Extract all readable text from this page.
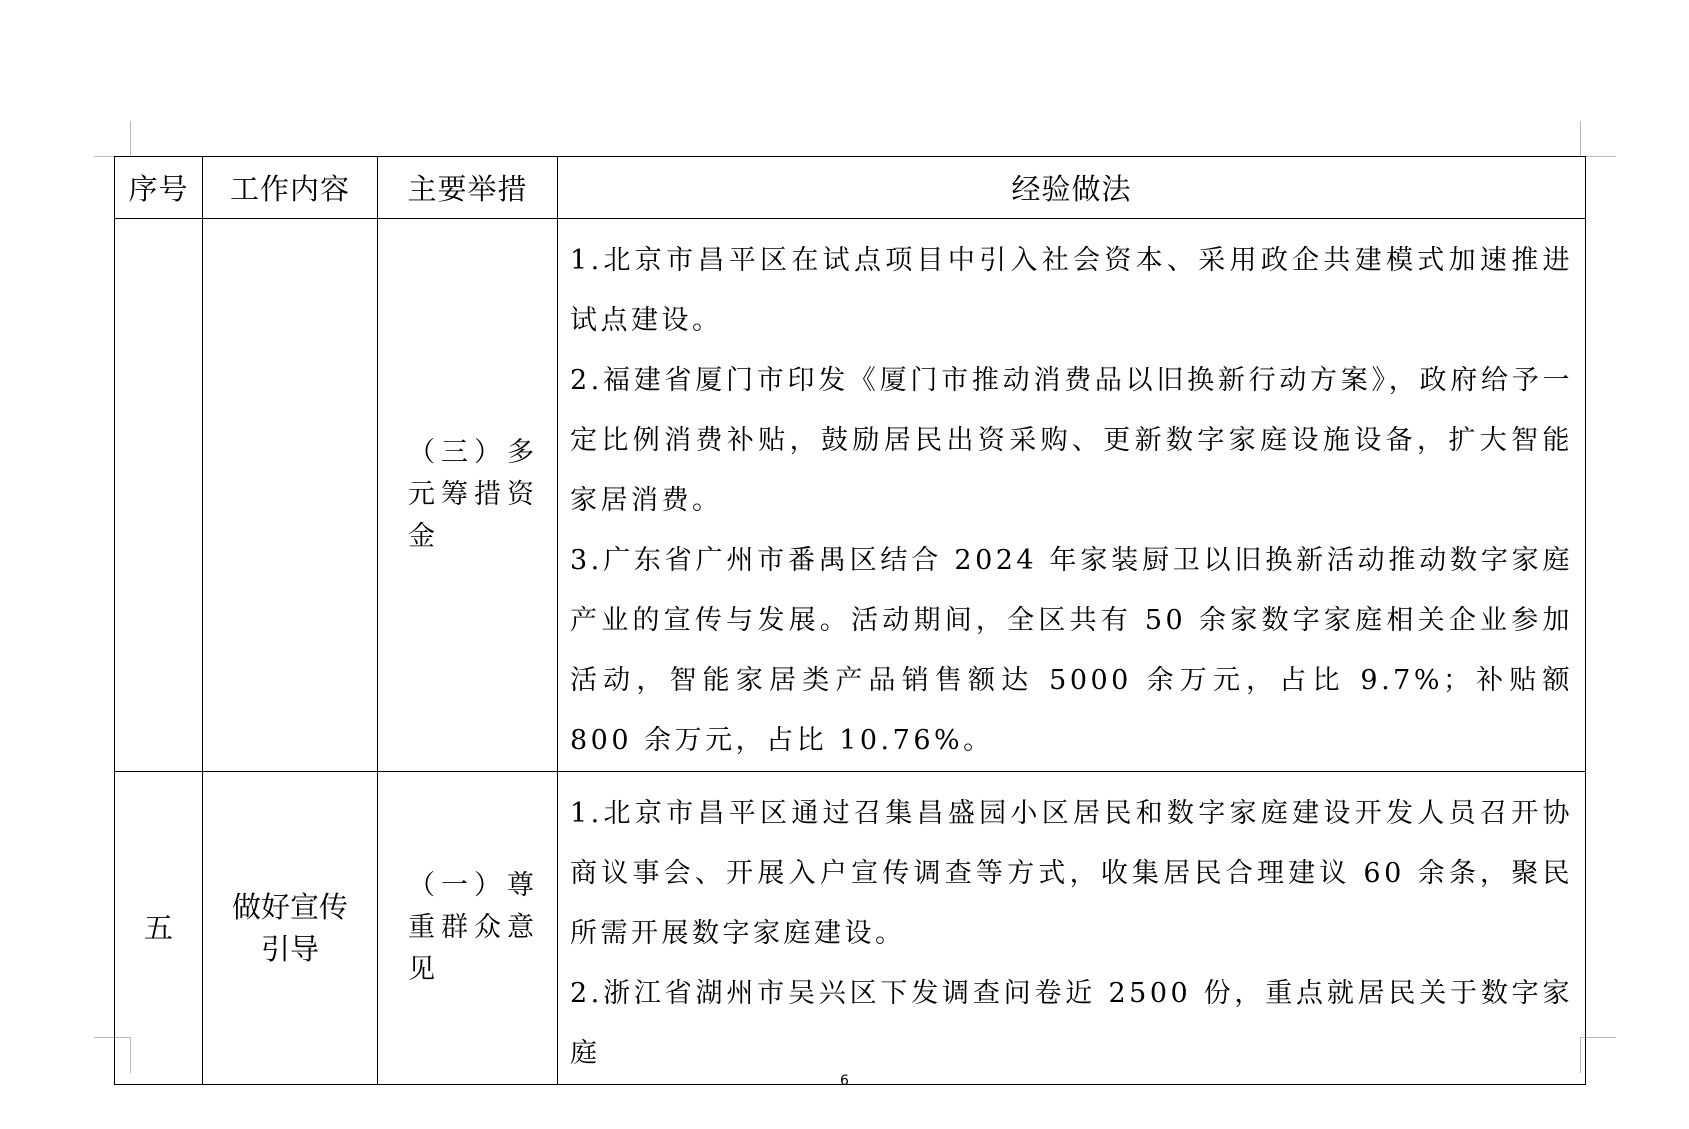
序号	工作内容	主要举措	经验做法
		（三）多元筹措资金	1.北京市昌平区在试点项目中引入社会资本、采用政企共建模式加速推进试点建设。

2.福建省厦门市印发《厦门市推动消费品以旧换新行动方案》，政府给予一定比例消费补贴，鼓励居民出资采购、更新数字家庭设施设备，扩大智能家居消费。

3.广东省广州市番禺区结合 2024 年家装厨卫以旧换新活动推动数字家庭产业的宣传与发展。活动期间，全区共有 50 余家数字家庭相关企业参加活动，智能家居类产品销售额达 5000 余万元，占比 9.7%；补贴额 800 余万元，占比 10.76%。

五	做好宣传引导	（一）尊重群众意见	1.北京市昌平区通过召集昌盛园小区居民和数字家庭建设开发人员召开协商议事会、开展入户宣传调查等方式，收集居民合理建议 60 余条，聚民所需开展数字家庭建设。

2.浙江省湖州市吴兴区下发调查问卷近 2500 份，重点就居民关于数字家庭

6
